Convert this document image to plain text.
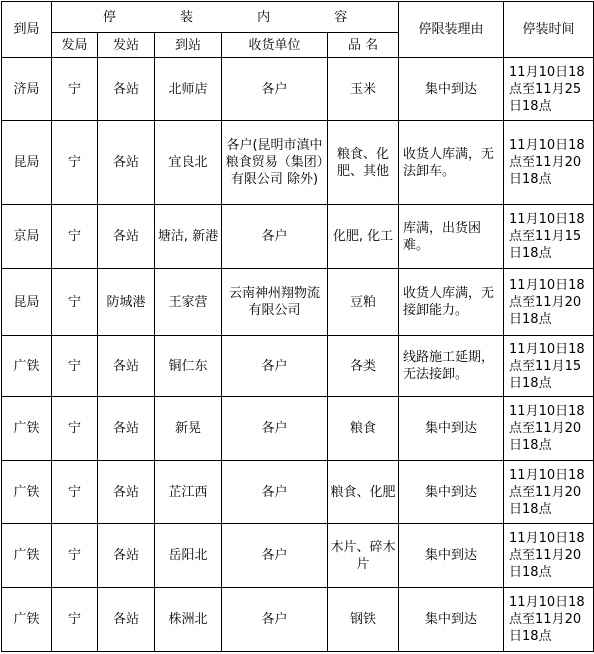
到局	停 装 内 容					停限装理由	停装时间
	发局	发站	到站	收货单位	品 名		
济局	宁	各站	北师店	各户	玉米	集中到达	11月10日18点至11月25日18点
昆局	宁	各站	宜良北	各户(昆明市滇中粮食贸易（集团）有限公司 除外)	粮食、化肥、其他	收货人库满，无法卸车。	11月10日18点至11月20日18点
京局	宁	各站	塘沽, 新港	各户	化肥, 化工	库满，出货困难。	11月10日18点至11月15日18点
昆局	宁	防城港	王家营	云南神州翔物流有限公司	豆粕	收货人库满，无接卸能力。	11月10日18点至11月20日18点
广铁	宁	各站	铜仁东	各户	各类	线路施工延期，无法接卸。	11月10日18点至11月15日18点
广铁	宁	各站	新晃	各户	粮食	集中到达	11月10日18点至11月20日18点
广铁	宁	各站	芷江西	各户	粮食、化肥	集中到达	11月10日18点至11月20日18点
广铁	宁	各站	岳阳北	各户	木片、碎木片	集中到达	11月10日18点至11月20日18点
广铁	宁	各站	株洲北	各户	钢铁	集中到达	11月10日18点至11月20日18点
